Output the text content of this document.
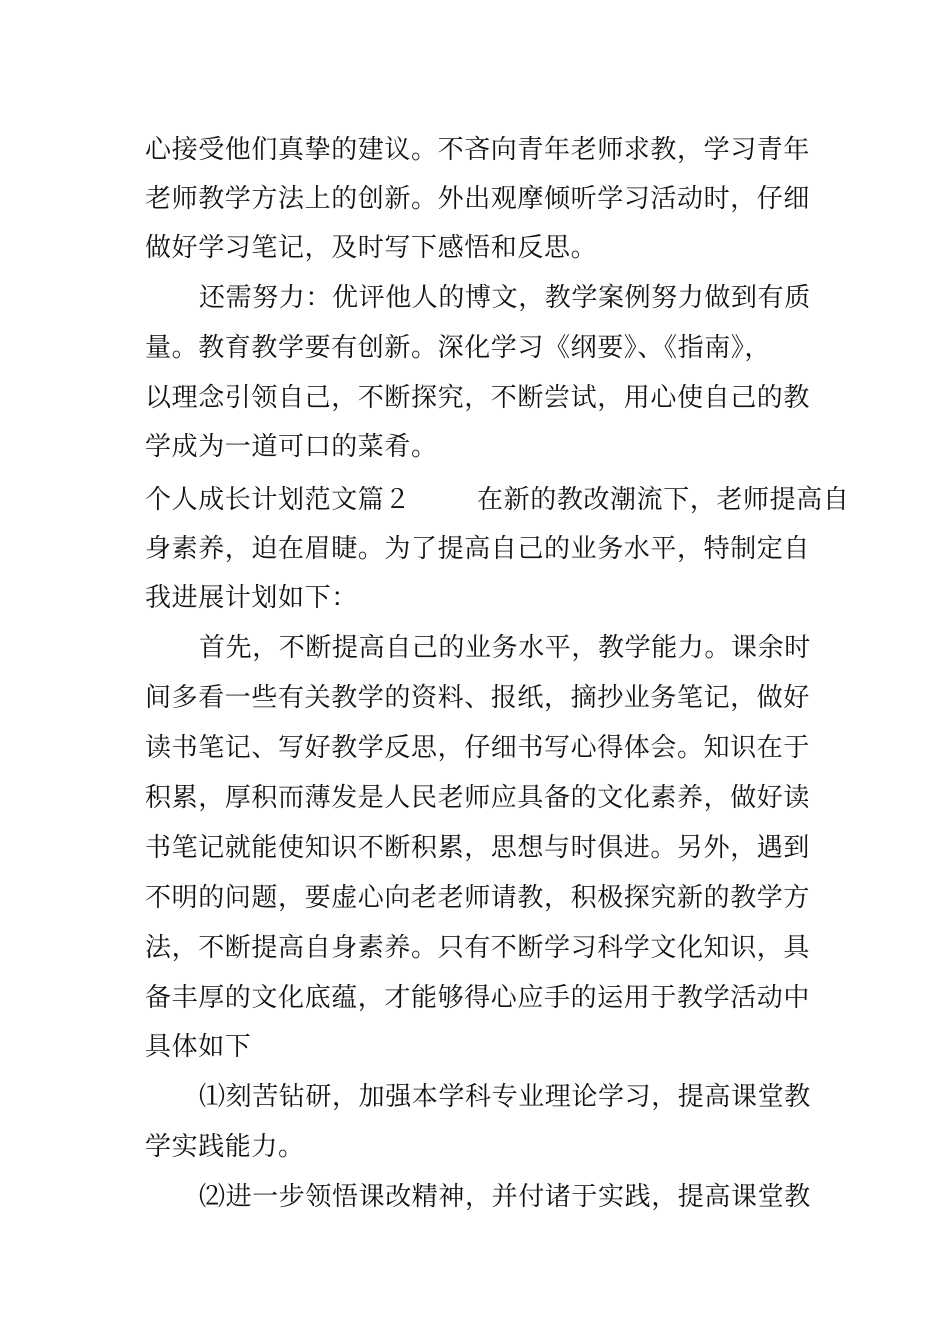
心接受他们真挚的建议。不吝向青年老师求教，学习青年
老师教学方法上的创新。外出观摩倾听学习活动时，仔细
做好学习笔记，及时写下感悟和反思。
还需努力：优评他人的博文，教学案例努力做到有质
量。教育教学要有创新。深化学习《纲要》、《指南》，
以理念引领自己，不断探究，不断尝试，用心使自己的教
学成为一道可口的菜肴。
个人成长计划范文篇２	在新的教改潮流下，老师提高自
身素养，迫在眉睫。为了提高自己的业务水平，特制定自
我进展计划如下：
首先，不断提高自己的业务水平，教学能力。课余时
间多看一些有关教学的资料、报纸，摘抄业务笔记，做好
读书笔记、写好教学反思，仔细书写心得体会。知识在于
积累，厚积而薄发是人民老师应具备的文化素养，做好读
书笔记就能使知识不断积累，思想与时俱进。另外，遇到
不明的问题，要虚心向老老师请教，积极探究新的教学方
法，不断提高自身素养。只有不断学习科学文化知识，具
备丰厚的文化底蕴，才能够得心应手的运用于教学活动中
具体如下
⑴刻苦钻研，加强本学科专业理论学习，提高课堂教
学实践能力。
⑵进一步领悟课改精神，并付诸于实践，提高课堂教
